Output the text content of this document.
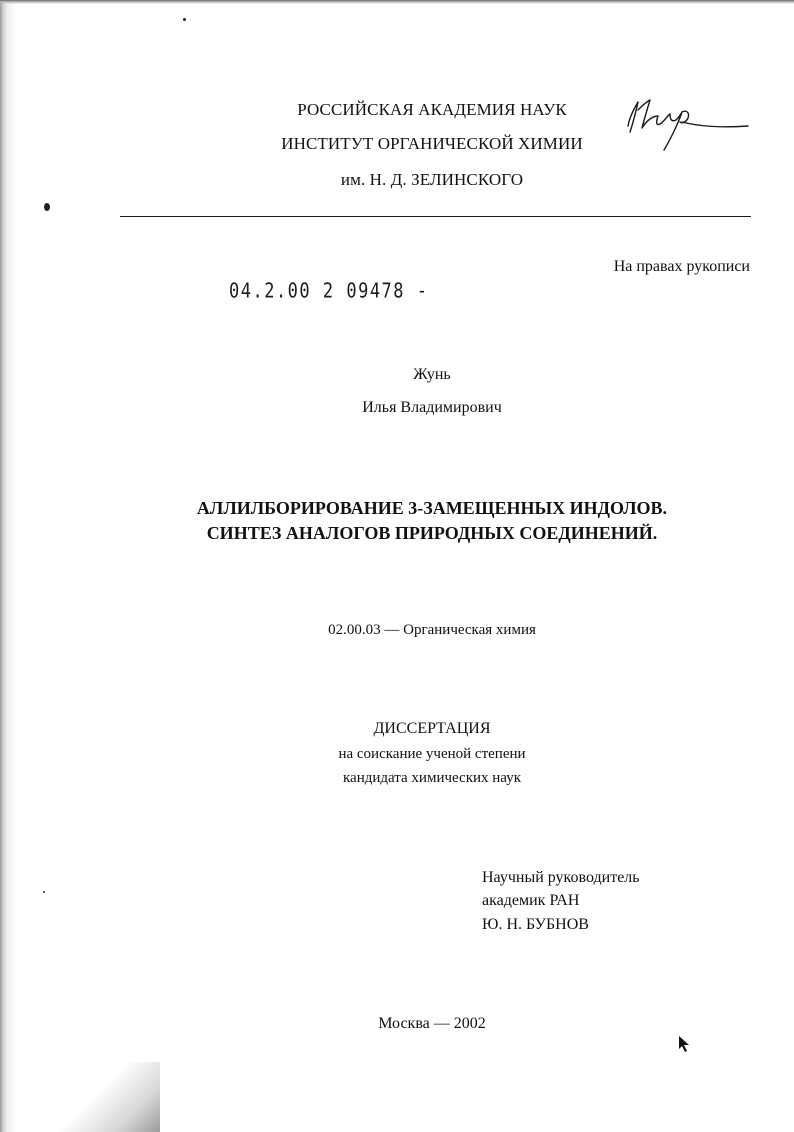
РОССИЙСКАЯ АКАДЕМИЯ НАУК
ИНСТИТУТ ОРГАНИЧЕСКОЙ ХИМИИ
им. Н. Д. ЗЕЛИНСКОГО
На правах рукописи
04.2.00 2 09478 -
Жунь
Илья Владимирович
АЛЛИЛБОРИРОВАНИЕ 3-ЗАМЕЩЕННЫХ ИНДОЛОВ.
СИНТЕЗ АНАЛОГОВ ПРИРОДНЫХ СОЕДИНЕНИЙ.
02.00.03 — Органическая химия
ДИССЕРТАЦИЯ
на соискание ученой степени
кандидата химических наук
Научный руководитель
академик РАН
Ю. Н. БУБНОВ
Москва — 2002
